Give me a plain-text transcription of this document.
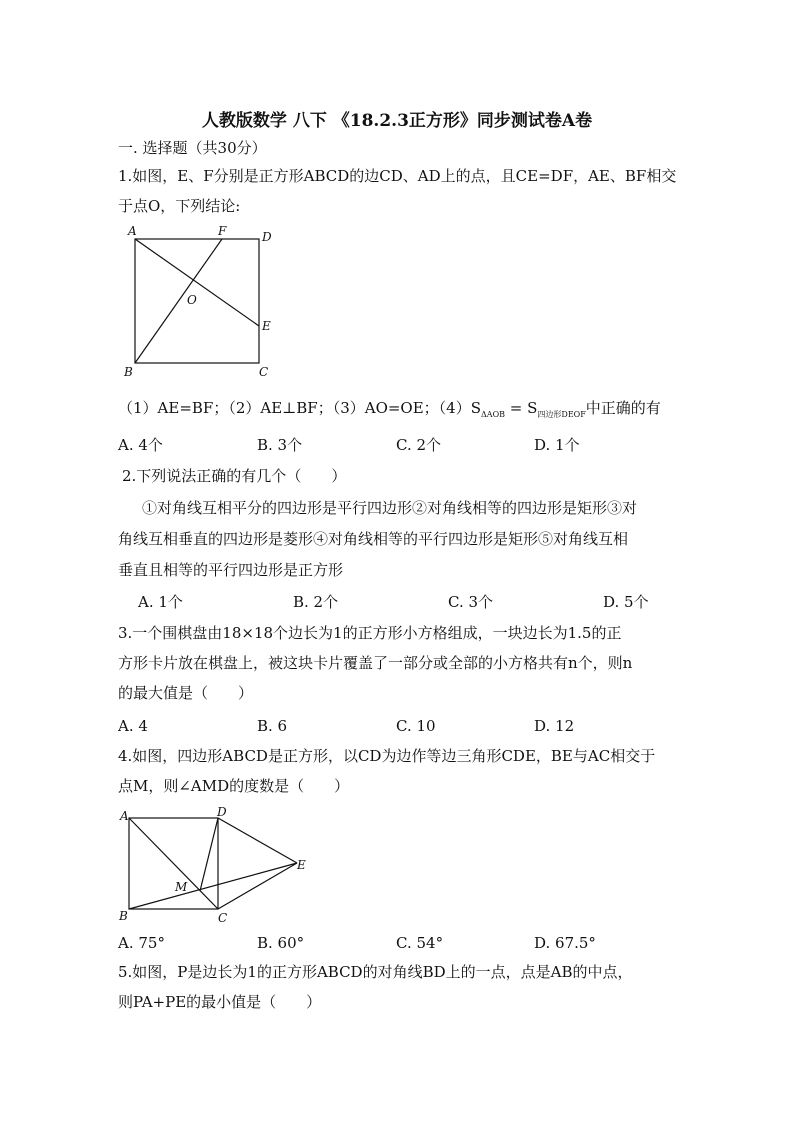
人教版数学 八下 《18.2.3正方形》同步测试卷A卷
一. 选择题（共30分）
1.如图，E、F分别是正方形ABCD的边CD、AD上的点，且CE=DF，AE、BF相交
于点O，下列结论:
A	F	D
O
E
B	C
（1）AE=BF；（2）AE⊥BF；（3）AO=OE；$(4)S_{\Delta AOB} = S_{四边形DEOF}$中正确的有
A. 4个	B. 3个	C. 2个	D. 1个
2.下列说法正确的有几个（　　）
①对角线互相平分的四边形是平行四边形②对角线相等的四边形是矩形③对
角线互相垂直的四边形是菱形④对角线相等的平行四边形是矩形⑤对角线互相
垂直且相等的平行四边形是正方形
A. 1个	B. 2个	C. 3个	D. 5个
3.一个围棋盘由18×18个边长为1的正方形小方格组成，一块边长为1.5的正
方形卡片放在棋盘上，被这块卡片覆盖了一部分或全部的小方格共有n个，则n
的最大值是（　　）
A. 4	B. 6	C. 10	D. 12
4.如图，四边形ABCD是正方形，以CD为边作等边三角形CDE，BE与AC相交于
点M，则∠AMD的度数是（　　）
A	D
E
M
B	C
A. 75°	B. 60°	C. 54°	D. 67.5°
5.如图，P是边长为1的正方形ABCD的对角线BD上的一点，点是AB的中点，
则PA+PE的最小值是（　　）
